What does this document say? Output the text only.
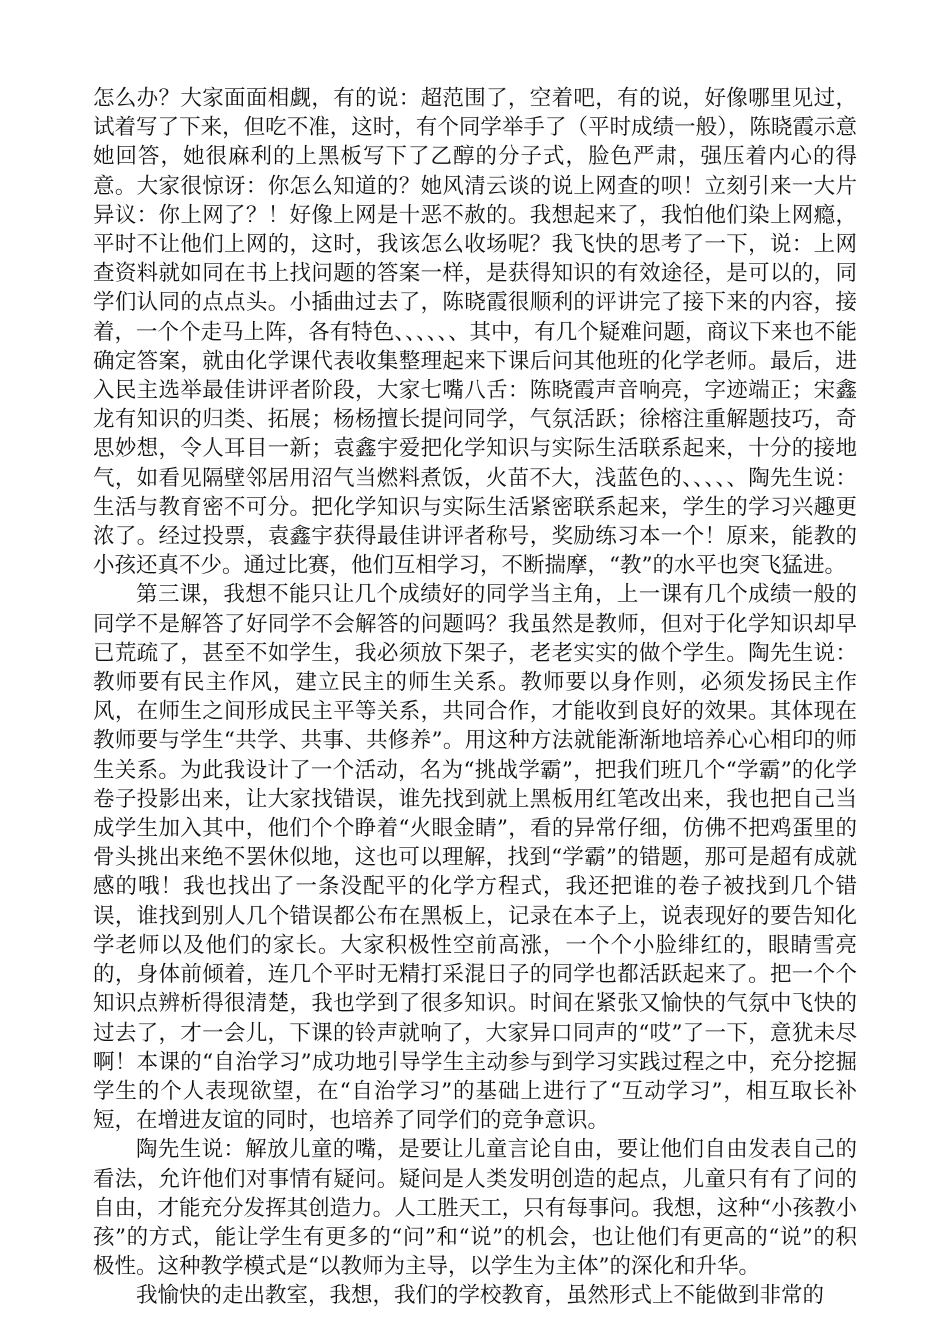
怎么办？大家面面相觑，有的说：超范围了，空着吧，有的说，好像哪里见过，试着写了下来，但吃不准，这时，有个同学举手了（平时成绩一般），陈晓霞示意她回答，她很麻利的上黑板写下了乙醇的分子式，脸色严肃，强压着内心的得意。大家很惊讶：你怎么知道的？她风清云谈的说上网查的呗！立刻引来一大片异议：你上网了？！好像上网是十恶不赦的。我想起来了，我怕他们染上网瘾，平时不让他们上网的，这时，我该怎么收场呢？我飞快的思考了一下，说：上网查资料就如同在书上找问题的答案一样，是获得知识的有效途径，是可以的，同学们认同的点点头。小插曲过去了，陈晓霞很顺利的评讲完了接下来的内容，接着，一个个走马上阵，各有特色、、、、、、其中，有几个疑难问题，商议下来也不能确定答案，就由化学课代表收集整理起来下课后问其他班的化学老师。最后，进入民主选举最佳讲评者阶段，大家七嘴八舌：陈晓霞声音响亮，字迹端正；宋鑫龙有知识的归类、拓展；杨杨擅长提问同学，气氛活跃；徐榕注重解题技巧，奇思妙想，令人耳目一新；袁鑫宇爱把化学知识与实际生活联系起来，十分的接地气，如看见隔壁邻居用沼气当燃料煮饭，火苗不大，浅蓝色的、、、、、陶先生说：生活与教育密不可分。把化学知识与实际生活紧密联系起来，学生的学习兴趣更浓了。经过投票，袁鑫宇获得最佳讲评者称号，奖励练习本一个！原来，能教的小孩还真不少。通过比赛，他们互相学习，不断揣摩，“教”的水平也突飞猛进。

第三课，我想不能只让几个成绩好的同学当主角，上一课有几个成绩一般的同学不是解答了好同学不会解答的问题吗？我虽然是教师，但对于化学知识却早已荒疏了，甚至不如学生，我必须放下架子，老老实实的做个学生。陶先生说：教师要有民主作风，建立民主的师生关系。教师要以身作则，必须发扬民主作风，在师生之间形成民主平等关系，共同合作，才能收到良好的效果。其体现在教师要与学生“共学、共事、共修养”。用这种方法就能渐渐地培养心心相印的师生关系。为此我设计了一个活动，名为“挑战学霸”，把我们班几个“学霸”的化学卷子投影出来，让大家找错误，谁先找到就上黑板用红笔改出来，我也把自己当成学生加入其中，他们个个睁着“火眼金睛”，看的异常仔细，仿佛不把鸡蛋里的骨头挑出来绝不罢休似地，这也可以理解，找到“学霸”的错题，那可是超有成就感的哦！我也找出了一条没配平的化学方程式，我还把谁的卷子被找到几个错误，谁找到别人几个错误都公布在黑板上，记录在本子上，说表现好的要告知化学老师以及他们的家长。大家积极性空前高涨，一个个小脸绯红的，眼睛雪亮的，身体前倾着，连几个平时无精打采混日子的同学也都活跃起来了。把一个个知识点辨析得很清楚，我也学到了很多知识。时间在紧张又愉快的气氛中飞快的过去了，才一会儿，下课的铃声就响了，大家异口同声的“哎”了一下，意犹未尽啊！本课的“自治学习”成功地引导学生主动参与到学习实践过程之中，充分挖掘学生的个人表现欲望，在“自治学习”的基础上进行了“互动学习”，相互取长补短，在增进友谊的同时，也培养了同学们的竞争意识。

陶先生说：解放儿童的嘴，是要让儿童言论自由，要让他们自由发表自己的看法，允许他们对事情有疑问。疑问是人类发明创造的起点，儿童只有有了问的自由，才能充分发挥其创造力。人工胜天工，只有每事问。我想，这种“小孩教小孩”的方式，能让学生有更多的“问”和“说”的机会，也让他们有更高的“说”的积极性。这种教学模式是“以教师为主导，以学生为主体”的深化和升华。

我愉快的走出教室，我想，我们的学校教育，虽然形式上不能做到非常的
